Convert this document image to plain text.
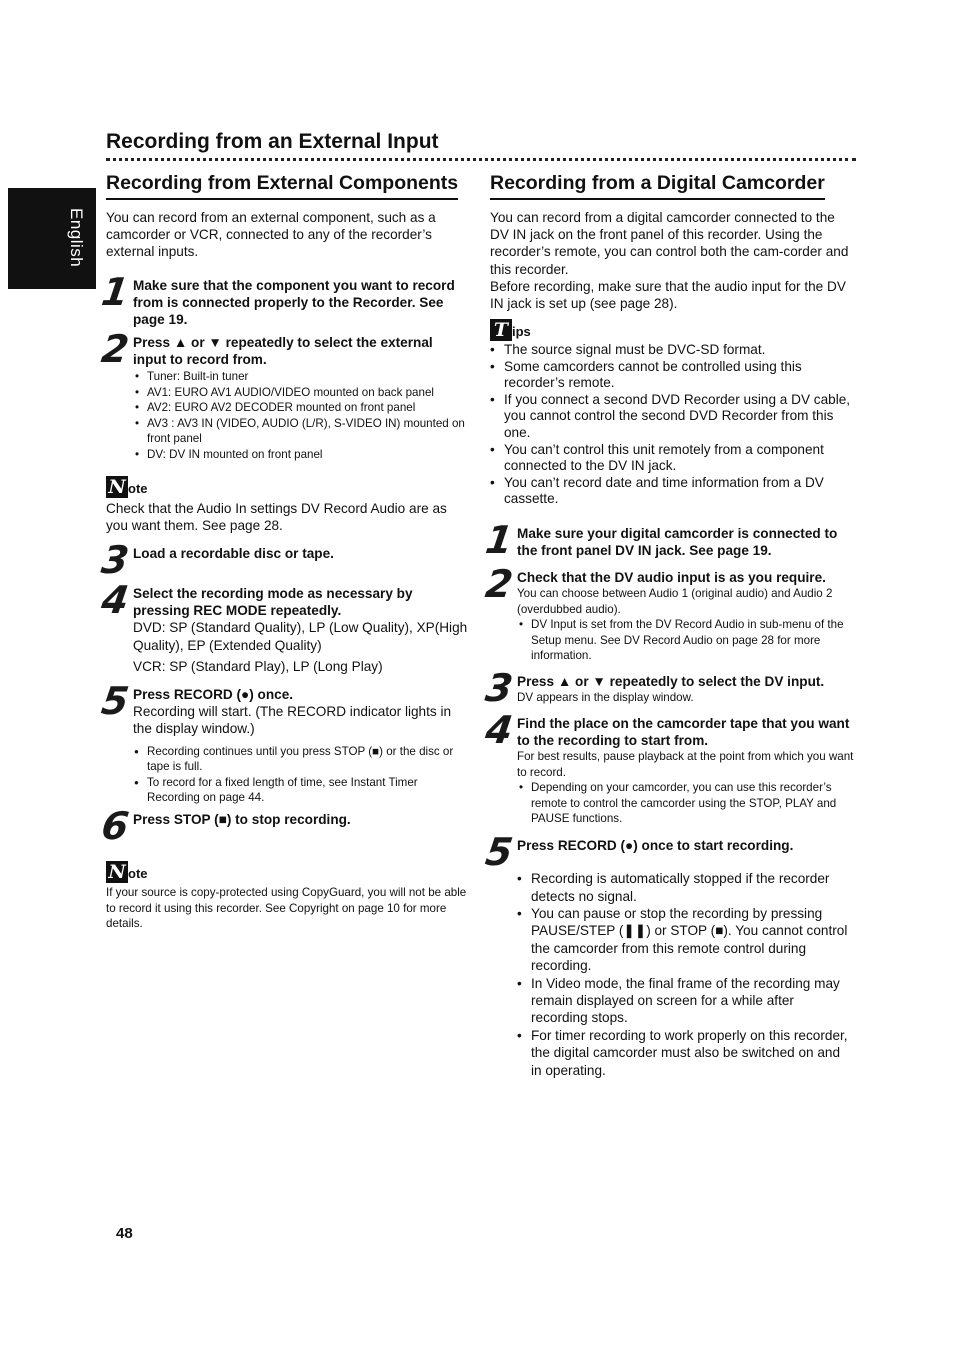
English
Recording from an External Input
Recording from External Components

You can record from an external component, such as a camcorder or VCR, connected to any of the recorder’s external inputs.

1 Make sure that the component you want to record from is connected properly to the Recorder. See page 19.

2 Press ▲ or ▼ repeatedly to select the external input to record from.

• Tuner: Built-in tuner
• AV1: EURO AV1 AUDIO/VIDEO mounted on back panel
• AV2: EURO AV2 DECODER mounted on front panel
• AV3 : AV3 IN (VIDEO, AUDIO (L/R), S-VIDEO IN) mounted on front panel
• DV: DV IN mounted on front panel
N ote

Check that the Audio In settings DV Record Audio are as you want them. See page 28.

3 Load a recordable disc or tape.

4 Select the recording mode as necessary by pressing REC MODE repeatedly.

DVD: SP (Standard Quality), LP (Low Quality), XP(High Quality), EP (Extended Quality)

VCR: SP (Standard Play), LP (Long Play)

5 Press RECORD (●) once.

Recording will start. (The RECORD indicator lights in the display window.)

● Recording continues until you press STOP (■) or the disc or tape is full.
● To record for a fixed length of time, see Instant Timer Recording on page 44.
6 Press STOP (■) to stop recording.

N ote

If your source is copy-protected using CopyGuard, you will not be able to record it using this recorder. See Copyright on page 10 for more details.

Recording from a Digital Camcorder

You can record from a digital camcorder connected to the DV IN jack on the front panel of this recorder. Using the recorder’s remote, you can control both the cam-corder and this recorder.

Before recording, make sure that the audio input for the DV IN jack is set up (see page 28).

T ips
• The source signal must be DVC-SD format.
• Some camcorders cannot be controlled using this recorder’s remote.
• If you connect a second DVD Recorder using a DV cable, you cannot control the second DVD Recorder from this one.
• You can’t control this unit remotely from a component connected to the DV IN jack.
• You can’t record date and time information from a DV cassette.
1 Make sure your digital camcorder is connected to the front panel DV IN jack. See page 19.

2 Check that the DV audio input is as you require.

You can choose between Audio 1 (original audio) and Audio 2 (overdubbed audio).

• DV Input is set from the DV Record Audio in sub-menu of the Setup menu. See DV Record Audio on page 28 for more information.
3 Press ▲ or ▼ repeatedly to select the DV input.

DV appears in the display window.

4 Find the place on the camcorder tape that you want to the recording to start from.

For best results, pause playback at the point from which you want to record.

• Depending on your camcorder, you can use this recorder’s remote to control the camcorder using the STOP, PLAY and PAUSE functions.
5 Press RECORD (●) once to start recording.

• Recording is automatically stopped if the recorder detects no signal.
• You can pause or stop the recording by pressing PAUSE/STEP (❚❚) or STOP (■). You cannot control the camcorder from this remote control during recording.
• In Video mode, the final frame of the recording may remain displayed on screen for a while after recording stops.
• For timer recording to work properly on this recorder, the digital camcorder must also be switched on and in operating.
48
